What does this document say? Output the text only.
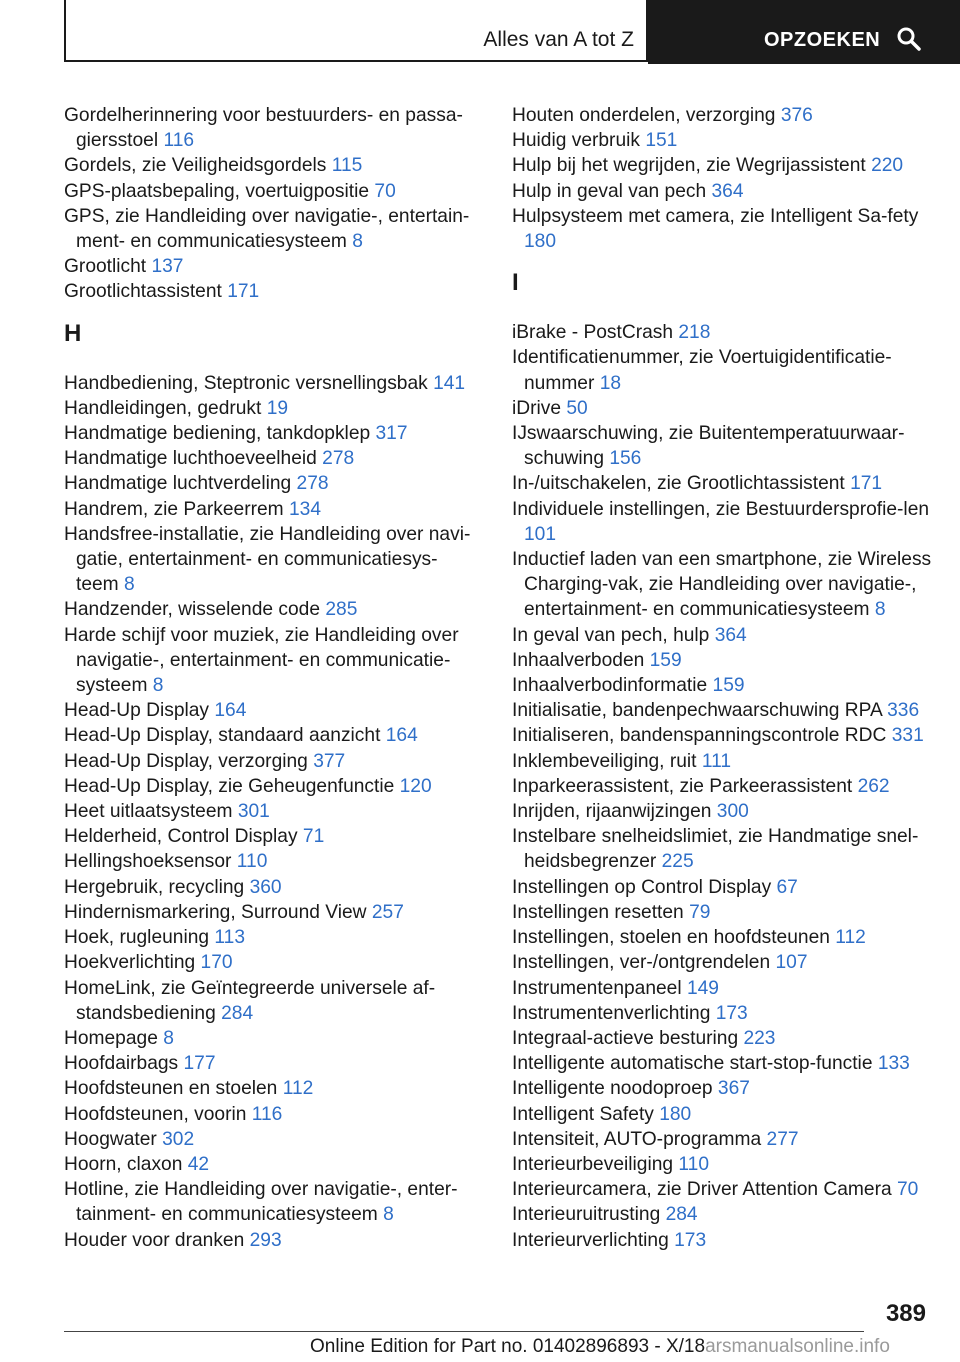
Alles van A tot Z	OPZOEKEN
Gordelherinnering voor bestuurders- en passa-giersstoel 116
Gordels, zie Veiligheidsgordels 115
GPS-plaatsbepaling, voertuigpositie 70
GPS, zie Handleiding over navigatie-, entertain-ment- en communicatiesysteem 8
Grootlicht 137
Grootlichtassistent 171
H
Handbediening, Steptronic versnellingsbak 141
Handleidingen, gedrukt 19
Handmatige bediening, tankdopklep 317
Handmatige luchthoeveelheid 278
Handmatige luchtverdeling 278
Handrem, zie Parkeerrem 134
Handsfree-installatie, zie Handleiding over navi-gatie, entertainment- en communicatiesys-teem 8
Handzender, wisselende code 285
Harde schijf voor muziek, zie Handleiding over navigatie-, entertainment- en communicatie-systeem 8
Head-Up Display 164
Head-Up Display, standaard aanzicht 164
Head-Up Display, verzorging 377
Head-Up Display, zie Geheugenfunctie 120
Heet uitlaatsysteem 301
Helderheid, Control Display 71
Hellingshoeksensor 110
Hergebruik, recycling 360
Hindernismarkering, Surround View 257
Hoek, rugleuning 113
Hoekverlichting 170
HomeLink, zie Geïntegreerde universele af-standsbediening 284
Homepage 8
Hoofdairbags 177
Hoofdsteunen en stoelen 112
Hoofdsteunen, voorin 116
Hoogwater 302
Hoorn, claxon 42
Hotline, zie Handleiding over navigatie-, enter-tainment- en communicatiesysteem 8
Houder voor dranken 293
Houten onderdelen, verzorging 376
Huidig verbruik 151
Hulp bij het wegrijden, zie Wegrijassistent 220
Hulp in geval van pech 364
Hulpsysteem met camera, zie Intelligent Sa-fety 180
I
iBrake - PostCrash 218
Identificatienummer, zie Voertuigidentificatie-nummer 18
iDrive 50
IJswaarschuwing, zie Buitentemperatuurwaar-schuwing 156
In-/uitschakelen, zie Grootlichtassistent 171
Individuele instellingen, zie Bestuurdersprofie-len 101
Inductief laden van een smartphone, zie Wireless Charging-vak, zie Handleiding over navigatie-, entertainment- en communicatiesysteem 8
In geval van pech, hulp 364
Inhaalverboden 159
Inhaalverbodinformatie 159
Initialisatie, bandenpechwaarschuwing RPA 336
Initialiseren, bandenspanningscontrole RDC 331
Inklembeveiliging, ruit 111
Inparkeerassistent, zie Parkeerassistent 262
Inrijden, rijaanwijzingen 300
Instelbare snelheidslimiet, zie Handmatige snel-heidsbegrenzer 225
Instellingen op Control Display 67
Instellingen resetten 79
Instellingen, stoelen en hoofdsteunen 112
Instellingen, ver-/ontgrendelen 107
Instrumentenpaneel 149
Instrumentenverlichting 173
Integraal-actieve besturing 223
Intelligente automatische start-stop-functie 133
Intelligente noodoproep 367
Intelligent Safety 180
Intensiteit, AUTO-programma 277
Interieurbeveiliging 110
Interieurcamera, zie Driver Attention Camera 70
Interieuruitrusting 284
Interieurverlichting 173
389
Online Edition for Part no. 01402896893 - X/18arsmanualsonline.info
